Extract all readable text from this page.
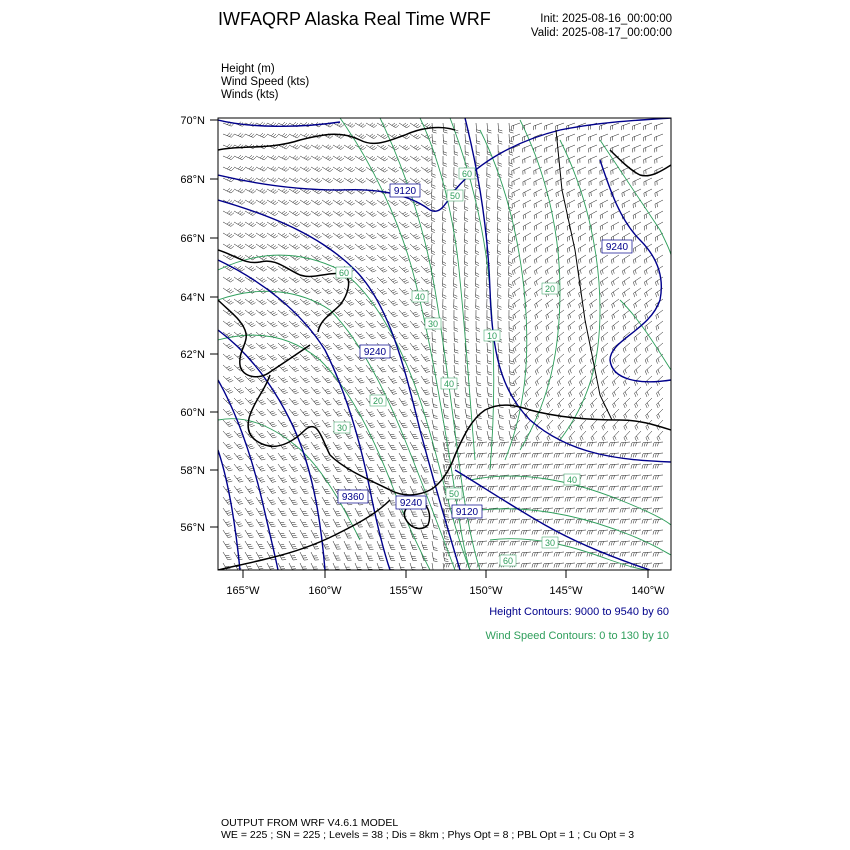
IWFAQRP Alaska Real Time WRF	Init: 2025-08-16_00:00:00
Valid: 2025-08-17_00:00:00
Height (m)
Wind Speed (kts)
Winds (kts)
70°N
68°N
66°N
64°N
62°N
60°N
58°N
56°N
165°W	160°W	155°W	150°W	145°W	140°W
9120
9240
9240
9360
9240
9120
60
50
60
40
30
20
10
40
20
30
40
50
30
60
Height Contours: 9000 to 9540 by 60
Wind Speed Contours: 0 to 130 by 10
OUTPUT FROM WRF V4.6.1 MODEL
WE = 225 ; SN = 225 ; Levels = 38 ; Dis = 8km ; Phys Opt = 8 ; PBL Opt = 1 ; Cu Opt = 3
